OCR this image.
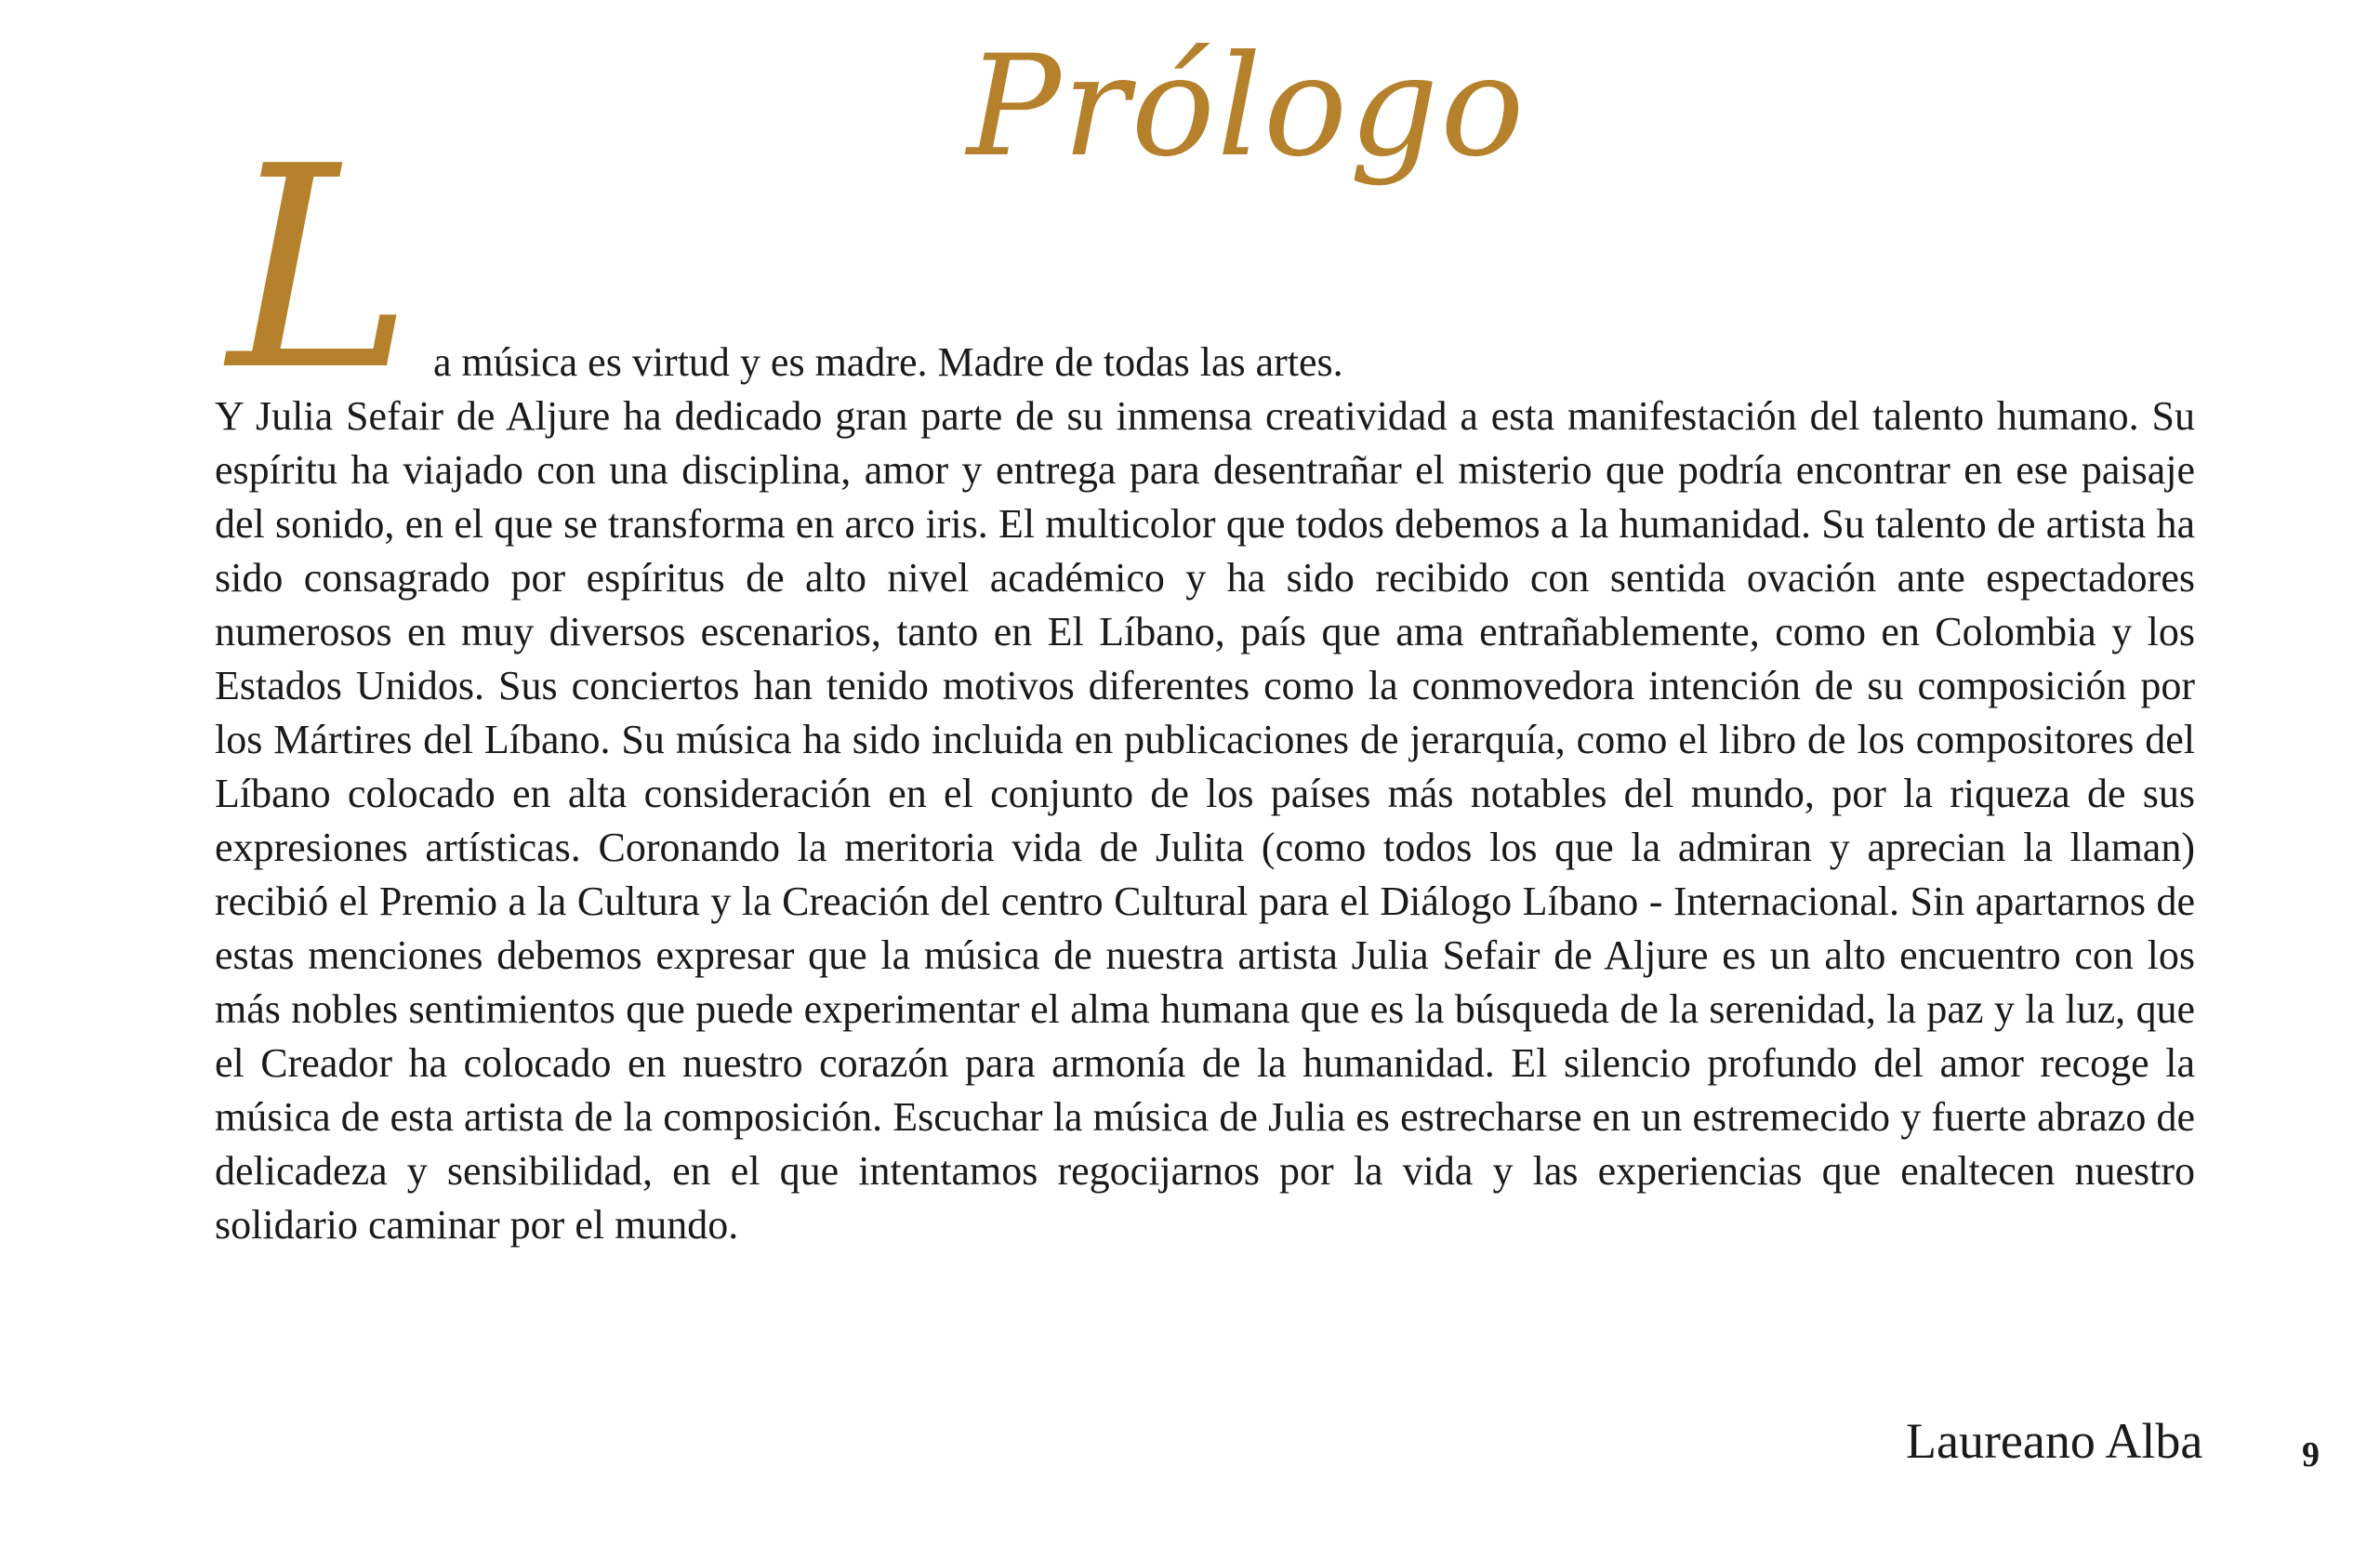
Prólogo
L a música es virtud y es madre. Madre de todas las artes.

Y Julia Sefair de Aljure ha dedicado gran parte de su inmensa creatividad a esta manifestación del talento humano. Su espíritu ha viajado con una disciplina, amor y entrega para desentrañar el misterio que podría encontrar en ese paisaje del sonido, en el que se transforma en arco iris. El multicolor que todos debemos a la humanidad. Su talento de artista ha sido consagrado por espíritus de alto nivel académico y ha sido recibido con sentida ovación ante espectadores numerosos en muy diversos escenarios, tanto en El Líbano, país que ama entrañablemente, como en Colombia y los Estados Unidos. Sus conciertos han tenido motivos diferentes como la conmovedora intención de su composición por los Mártires del Líbano. Su música ha sido incluida en publicaciones de jerarquía, como el libro de los compositores del Líbano colocado en alta consideración en el conjunto de los países más notables del mundo, por la riqueza de sus expresiones artísticas. Coronando la meritoria vida de Julita (como todos los que la admiran y aprecian la llaman) recibió el Premio a la Cultura y la Creación del centro Cultural para el Diálogo Líbano - Internacional. Sin apartarnos de estas menciones debemos expresar que la música de nuestra artista Julia Sefair de Aljure es un alto encuentro con los más nobles sentimientos que puede experimentar el alma humana que es la búsqueda de la serenidad, la paz y la luz, que el Creador ha colocado en nuestro corazón para armonía de la humanidad. El silencio profundo del amor recoge la música de esta artista de la composición. Escuchar la música de Julia es estrecharse en un estremecido y fuerte abrazo de delicadeza y sensibilidad, en el que intentamos regocijarnos por la vida y las experiencias que enaltecen nuestro solidario caminar por el mundo.

Laureano Alba	9
